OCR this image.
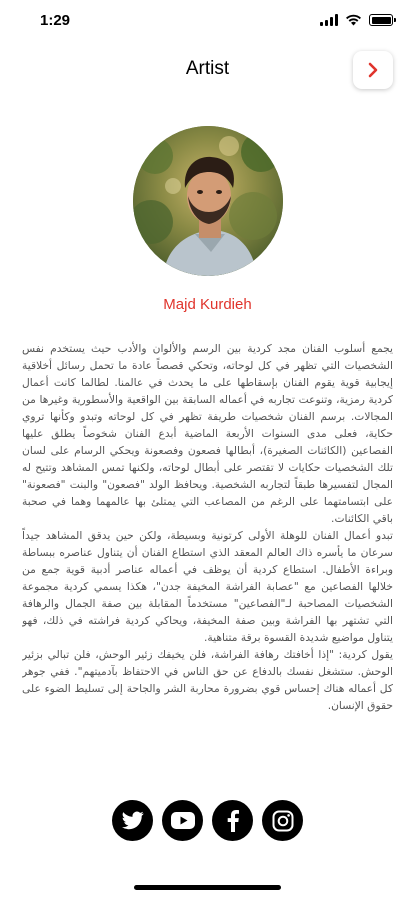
1:29
Artist
Majd Kurdieh

يجمع أسلوب الفنان مجد كردية بين الرسم والألوان والأدب حيث يستخدم نفس الشخصيات التي تظهر في كل لوحاته، وتحكي قصصاً عادة ما تحمل رسائل أخلاقية إيجابية قوية يقوم الفنان بإسقاطها على ما يحدث في عالمنا. لطالما كانت أعمال كردية رمزية، وتنوعت تجاربه في أعماله السابقة بين الواقعية والأسطورية وغيرها من المجالات. برسم الفنان شخصيات طريفة تظهر في كل لوحاته وتبدو وكأنها تروي حكاية، فعلى مدى السنوات الأربعة الماضية أبدع الفنان شخوصاً يطلق عليها الفصاعين (الكائنات الصغيرة)، أبطالها فصعون وفصعونة ويحكي الرسام على لسان تلك الشخصيات حكايات لا تقتصر على أبطال لوحاته، ولكنها تمس المشاهد وتتيح له المجال لتفسيرها طبقاً لتجاربه الشخصية. ويحافظ الولد "فصعون" والبنت "فصعونة" على ابتسامتهما على الرغم من المصاعب التي يمتلئ بها عالمهما وهما في صحبة باقي الكائنات.

تبدو أعمال الفنان للوهلة الأولى كرتونية وبسيطة، ولكن حين يدقق المشاهد جيداً سرعان ما يأسره ذاك العالم المعقد الذي استطاع الفنان أن يتناول عناصره ببساطة وبراءة الأطفال. استطاع كردية أن يوظف في أعماله عناصر أدبية قوية جمع من خلالها الفصاعين مع "عصابة الفراشة المخيفة جدن"، هكذا يسمي كردية مجموعة الشخصيات المصاحبة لـ"الفصاعين" مستخدماً المقابلة بين صفة الجمال والرهافة التي تشتهر بها الفراشة وبين صفة المخيفة، ويحاكي كردية فراشته في ذلك، فهو يتناول مواضيع شديدة القسوة برقة متناهية.

يقول كردية: "إذا أخافتك رهافة الفراشة، فلن يخيفك زئير الوحش، فلن تبالي بزئير الوحش. ستشغل نفسك بالدفاع عن حق الناس في الاحتفاظ بآدميتهم". ففي جوهر كل أعماله هناك إحساس قوي بضرورة محاربة الشر والجاحة إلى تسليط الضوء على حقوق الإنسان.
